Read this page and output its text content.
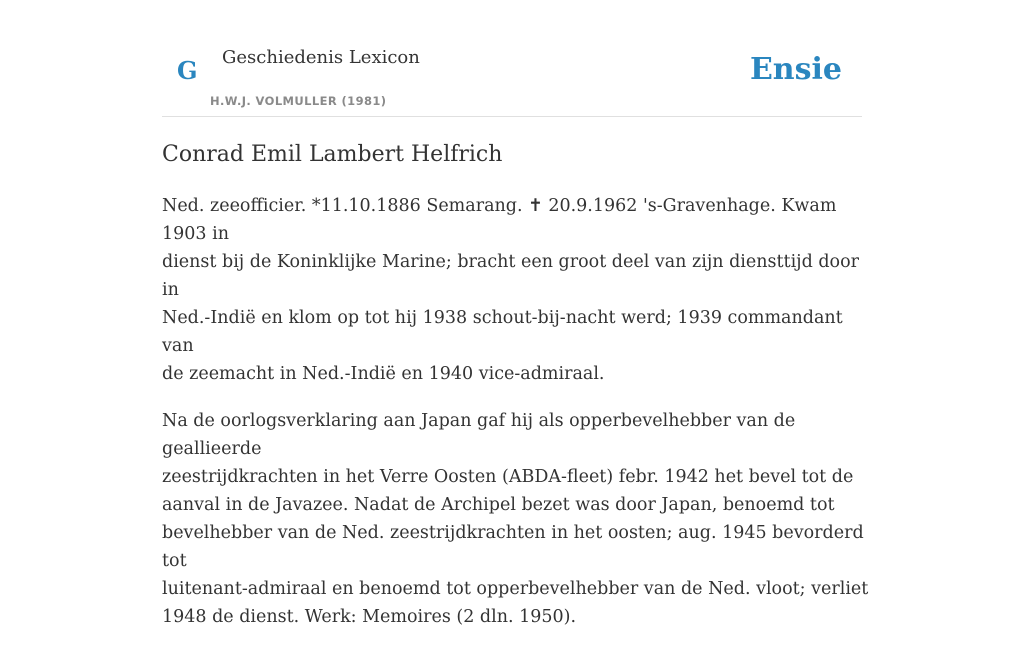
G Geschiedenis Lexicon
H.W.J. VOLMULLER (1981)
Ensie
Conrad Emil Lambert Helfrich

Ned. zeeofficier. *11.10.1886 Semarang. ✝ 20.9.1962 's-Gravenhage. Kwam 1903 in
dienst bij de Koninklijke Marine; bracht een groot deel van zijn diensttijd door in
Ned.-Indië en klom op tot hij 1938 schout-bij-nacht werd; 1939 commandant van
de zeemacht in Ned.-Indië en 1940 vice-admiraal.

Na de oorlogsverklaring aan Japan gaf hij als opperbevelhebber van de geallieerde
zeestrijdkrachten in het Verre Oosten (ABDA-fleet) febr. 1942 het bevel tot de
aanval in de Javazee. Nadat de Archipel bezet was door Japan, benoemd tot
bevelhebber van de Ned. zeestrijdkrachten in het oosten; aug. 1945 bevorderd tot
luitenant-admiraal en benoemd tot opperbevelhebber van de Ned. vloot; verliet
1948 de dienst. Werk: Memoires (2 dln. 1950).
